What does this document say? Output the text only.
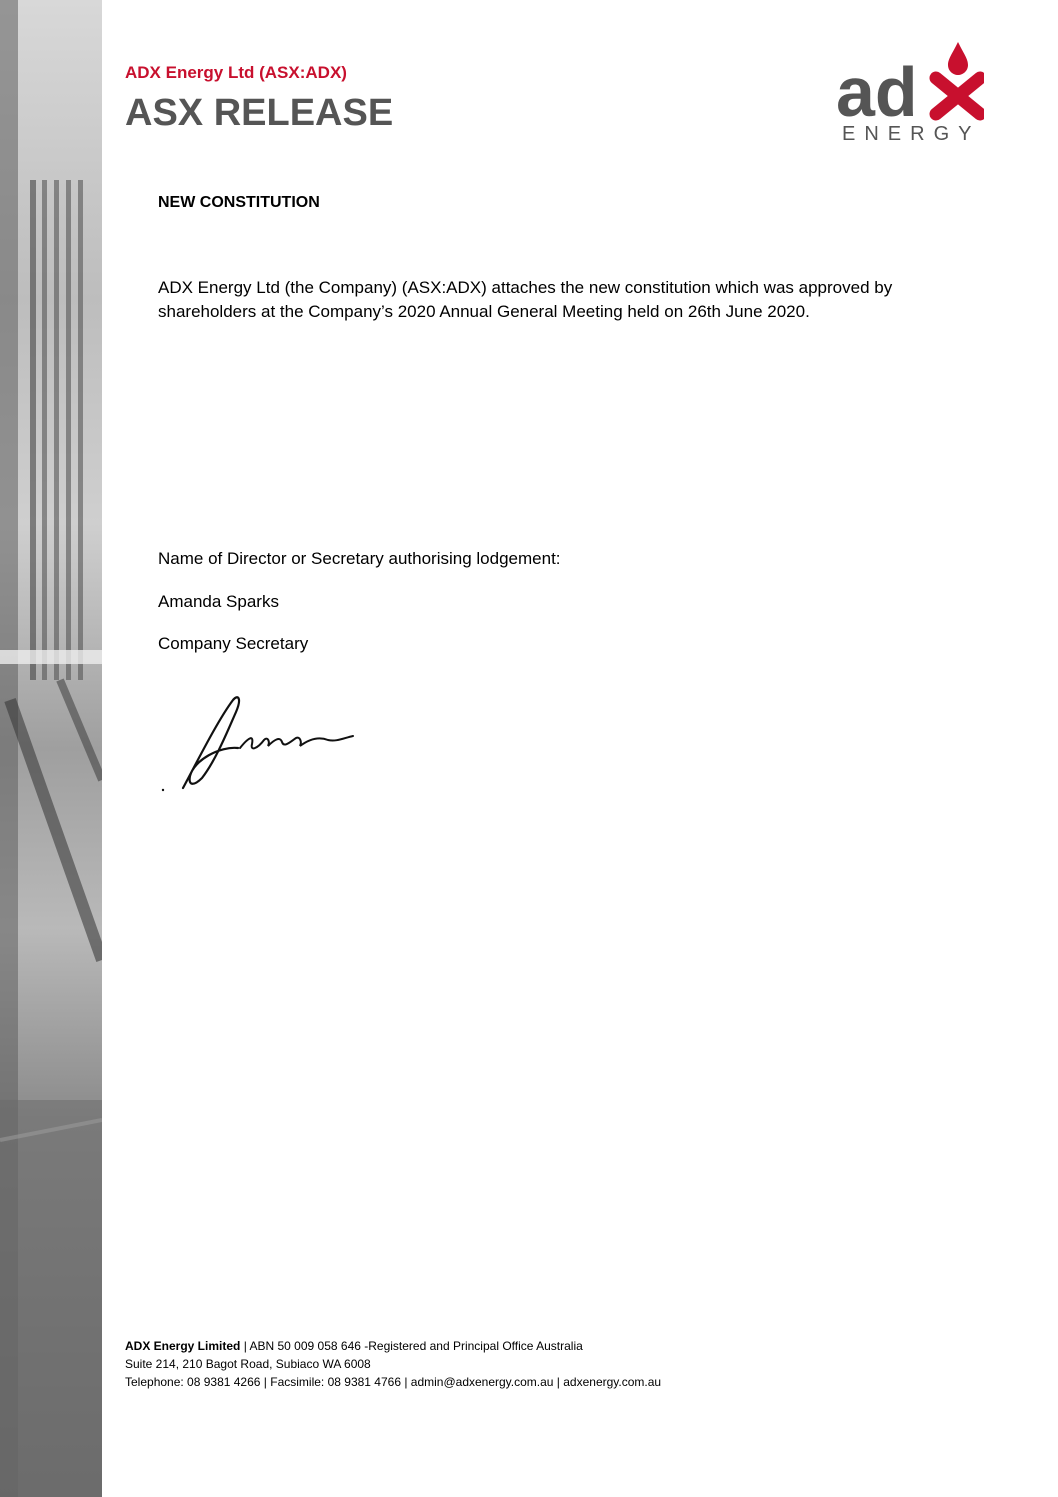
ADX Energy Ltd (ASX:ADX)

ASX RELEASE	ad
ENERGY

NEW CONSTITUTION

ADX Energy Ltd (the Company) (ASX:ADX) attaches the new constitution which was approved by shareholders at the Company’s 2020 Annual General Meeting held on 26th June 2020.

Name of Director or Secretary authorising lodgement:

Amanda Sparks

Company Secretary

ADX Energy Limited | ABN 50 009 058 646 -Registered and Principal Office Australia

Suite 214, 210 Bagot Road, Subiaco WA 6008

Telephone: 08 9381 4266 | Facsimile: 08 9381 4766 | admin@adxenergy.com.au | adxenergy.com.au
